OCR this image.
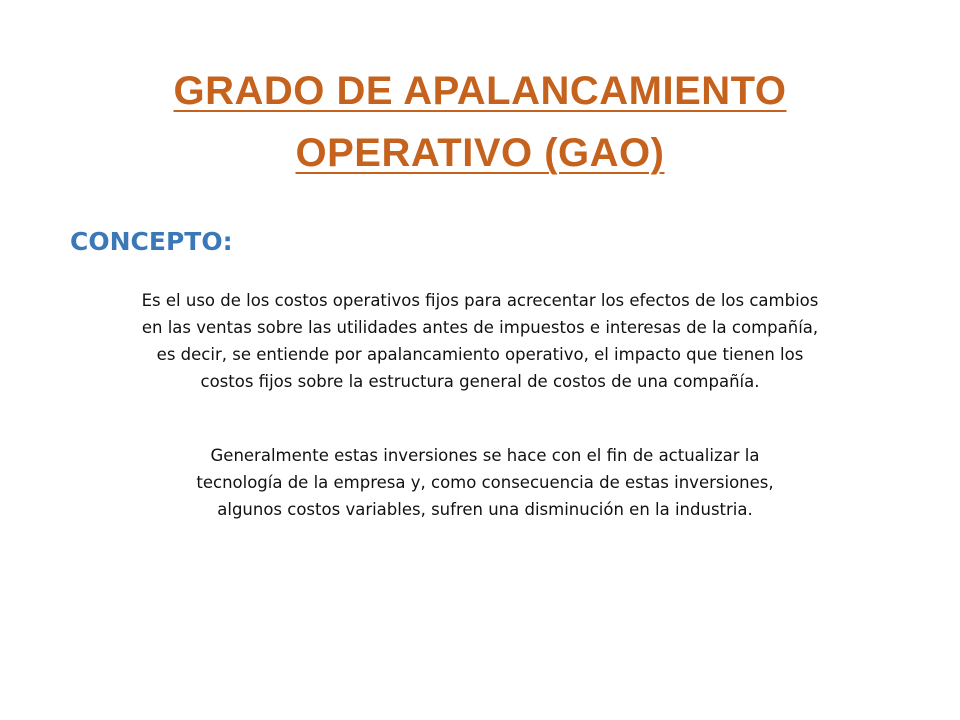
GRADO DE APALANCAMIENTO
OPERATIVO (GAO)
CONCEPTO:

Es el uso de los costos operativos fijos para acrecentar los efectos de los cambios
en las ventas sobre las utilidades antes de impuestos e interesas de la compañía,
es decir, se entiende por apalancamiento operativo, el impacto que tienen los
costos fijos sobre la estructura general de costos de una compañía.

Generalmente estas inversiones se hace con el fin de actualizar la
tecnología de la empresa y, como consecuencia de estas inversiones,
algunos costos variables, sufren una disminución en la industria.
